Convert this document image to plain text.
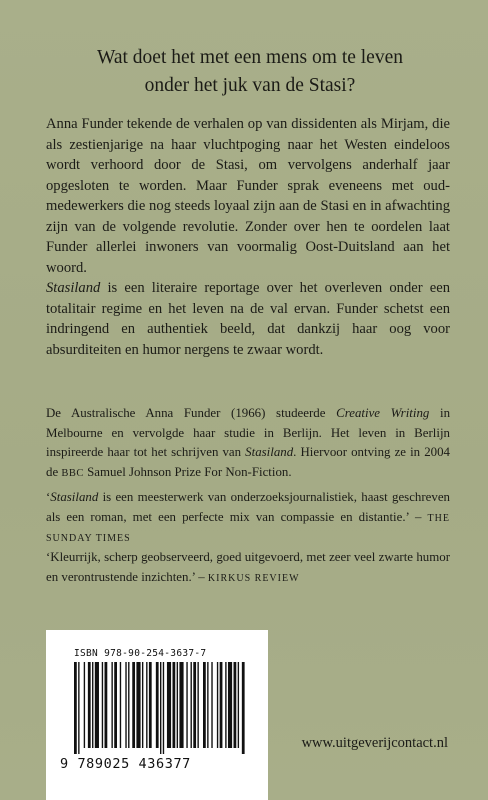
Wat doet het met een mens om te leven
onder het juk van de Stasi?

Anna Funder tekende de verhalen op van dissidenten als Mirjam, die als zestienjarige na haar vluchtpoging naar het Westen eindeloos wordt verhoord door de Stasi, om vervolgens anderhalf jaar opgesloten te worden. Maar Funder sprak eveneens met oud-medewerkers die nog steeds loyaal zijn aan de Stasi en in afwachting zijn van de volgende revolutie. Zonder over hen te oordelen laat Funder allerlei inwoners van voormalig Oost-Duitsland aan het woord.

Stasiland is een literaire reportage over het overleven onder een totalitair regime en het leven na de val ervan. Funder schetst een indringend en authentiek beeld, dat dankzij haar oog voor absurditeiten en humor nergens te zwaar wordt.

De Australische Anna Funder (1966) studeerde Creative Writing in Melbourne en vervolgde haar studie in Berlijn. Het leven in Berlijn inspireerde haar tot het schrijven van Stasiland. Hiervoor ontving ze in 2004 de BBC Samuel Johnson Prize For Non-Fiction.
‘Stasiland is een meesterwerk van onderzoeksjournalistiek, haast geschreven als een roman, met een perfecte mix van compassie en distantie.’ – THE SUNDAY TIMES
‘Kleurrijk, scherp geobserveerd, goed uitgevoerd, met zeer veel zwarte humor en verontrustende inzichten.’ – KIRKUS REVIEW
ISBN 978-90-254-3637-7
9 789025 436377
www.uitgeverijcontact.nl
